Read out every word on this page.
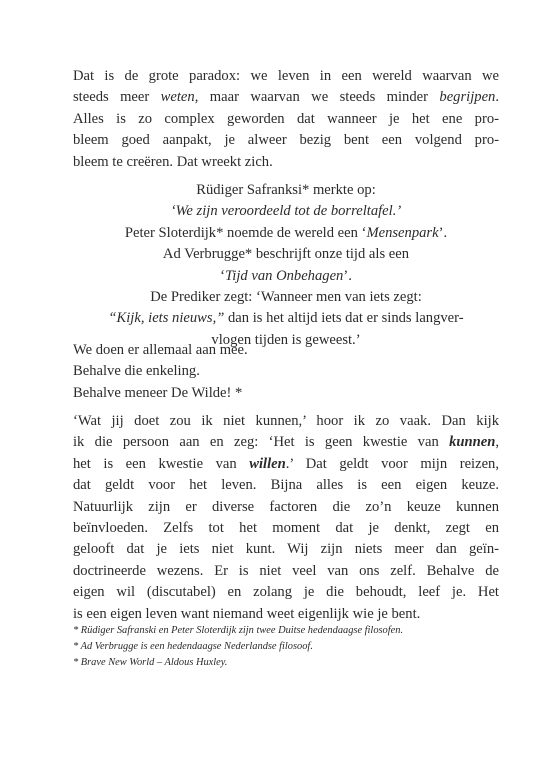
Dat is de grote paradox: we leven in een wereld waarvan we
steeds meer weten, maar waarvan we steeds minder begrijpen.
Alles is zo complex geworden dat wanneer je het ene pro-
bleem goed aanpakt, je alweer bezig bent een volgend pro-
bleem te creëren. Dat wreekt zich.
Rüdiger Safranksi* merkte op:
‘We zijn veroordeeld tot de borreltafel.’
Peter Sloterdijk* noemde de wereld een ‘Mensenpark’.
Ad Verbrugge* beschrijft onze tijd als een
‘Tijd van Onbehagen’.
De Prediker zegt: ‘Wanneer men van iets zegt:
“Kijk, iets nieuws,” dan is het altijd iets dat er sinds langver-
vlogen tijden is geweest.’
We doen er allemaal aan mee.
Behalve die enkeling.
Behalve meneer De Wilde! *
‘Wat jij doet zou ik niet kunnen,’ hoor ik zo vaak. Dan kijk
ik die persoon aan en zeg: ‘Het is geen kwestie van kunnen,
het is een kwestie van willen.’ Dat geldt voor mijn reizen,
dat geldt voor het leven. Bijna alles is een eigen keuze.
Natuurlijk zijn er diverse factoren die zo’n keuze kunnen
beïnvloeden. Zelfs tot het moment dat je denkt, zegt en
gelooft dat je iets niet kunt. Wij zijn niets meer dan geïn-
doctrineerde wezens. Er is niet veel van ons zelf. Behalve de
eigen wil (discutabel) en zolang je die behoudt, leef je. Het
is een eigen leven want niemand weet eigenlijk wie je bent.
* Rüdiger Safranski en Peter Sloterdijk zijn twee Duitse hedendaagse filosofen.
* Ad Verbrugge is een hedendaagse Nederlandse filosoof.
* Brave New World – Aldous Huxley.
